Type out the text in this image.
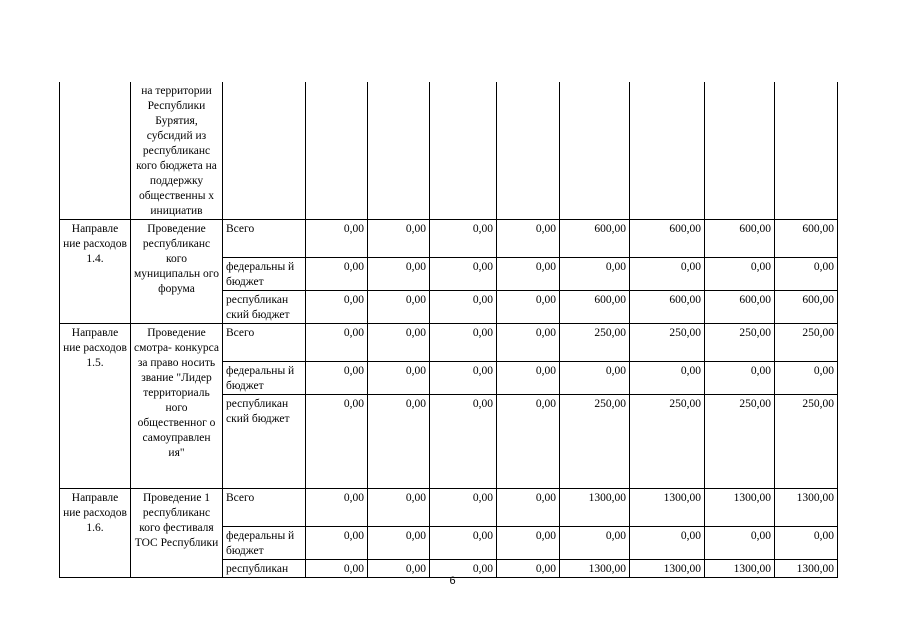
	на территории Республики Бурятия, субсидий из республиканс кого бюджета на поддержку общественны х инициатив									
Направле ние расходов 1.4.	Проведение республиканс кого муниципальн ого форума	Всего	0,00	0,00	0,00	0,00	600,00	600,00	600,00	600,00
		федеральны й бюджет	0,00	0,00	0,00	0,00	0,00	0,00	0,00	0,00
		республикан ский бюджет	0,00	0,00	0,00	0,00	600,00	600,00	600,00	600,00
Направле ние расходов 1.5.	Проведение смотра- конкурса за право носить звание "Лидер территориаль ного общественног о самоуправлен ия"	Всего	0,00	0,00	0,00	0,00	250,00	250,00	250,00	250,00
		федеральны й бюджет	0,00	0,00	0,00	0,00	0,00	0,00	0,00	0,00
		республикан ский бюджет	0,00	0,00	0,00	0,00	250,00	250,00	250,00	250,00
Направле ние расходов 1.6.	Проведение 1 республиканс кого фестиваля ТОС Республики	Всего	0,00	0,00	0,00	0,00	1300,00	1300,00	1300,00	1300,00
		федеральны й бюджет	0,00	0,00	0,00	0,00	0,00	0,00	0,00	0,00
		республикан	0,00	0,00	0,00	0,00	1300,00	1300,00	1300,00	1300,00
6
